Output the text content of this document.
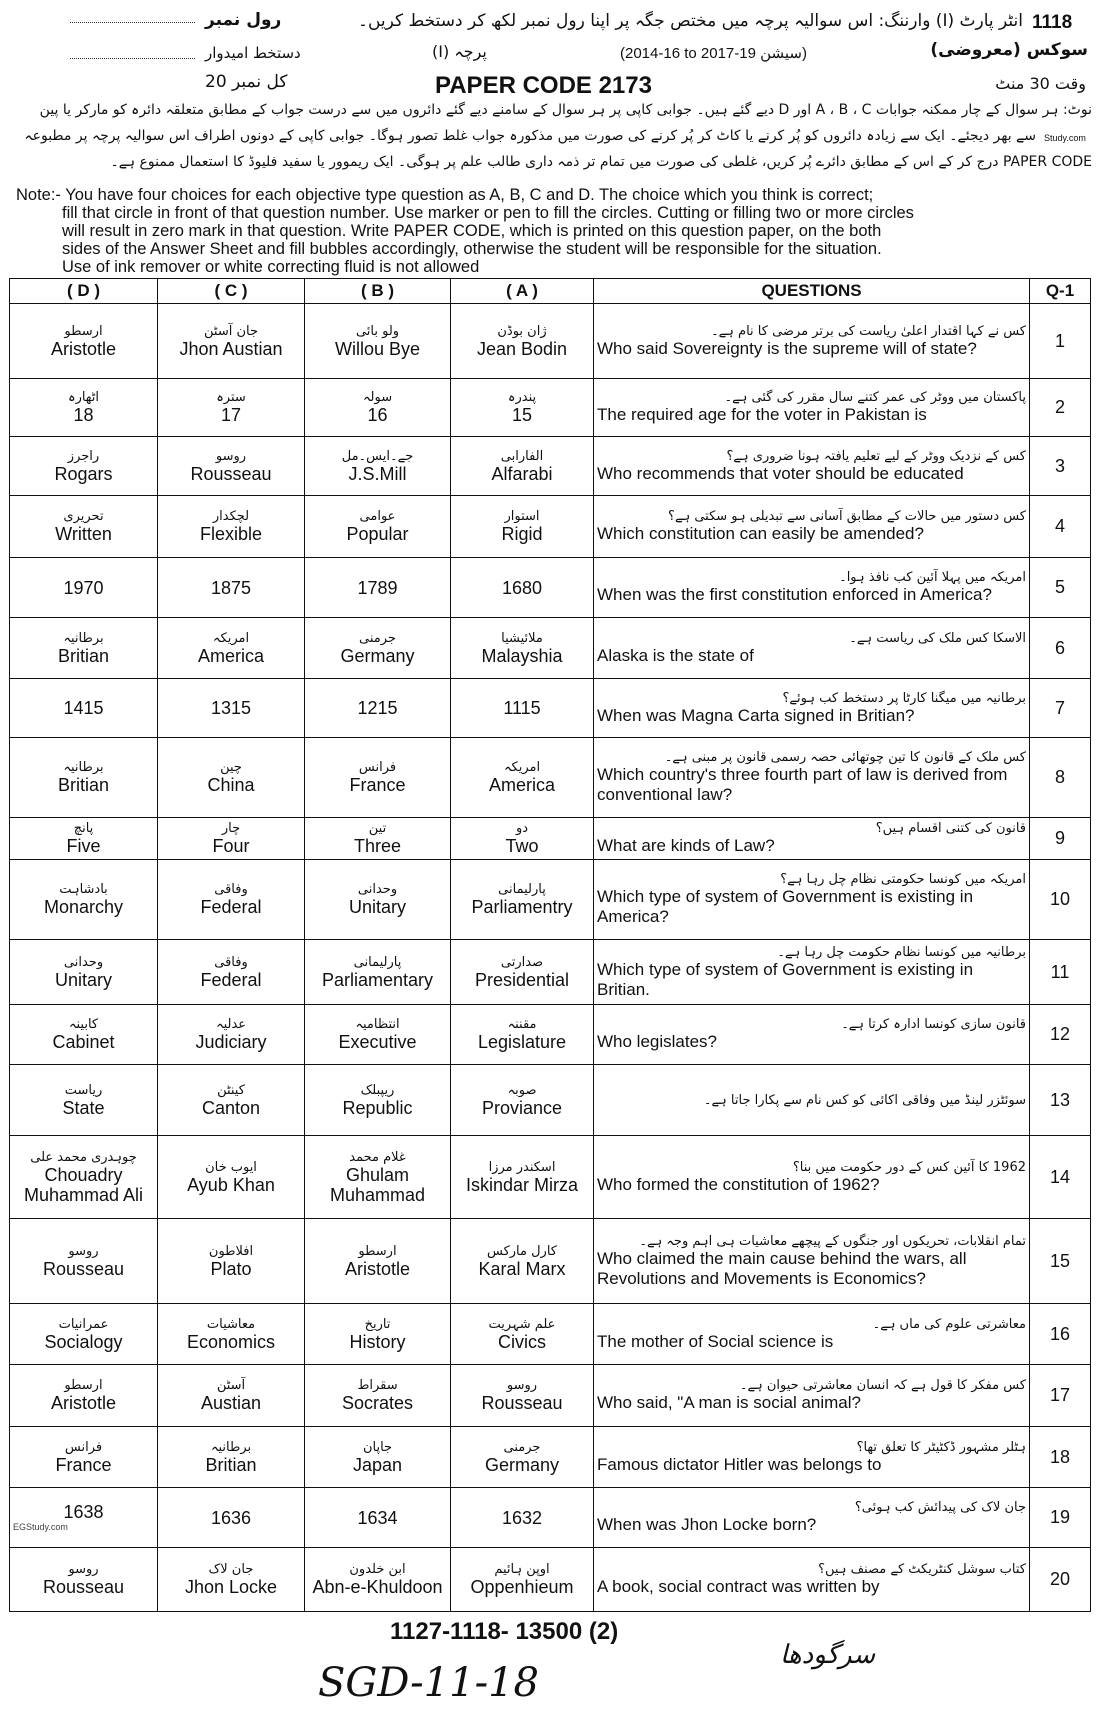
1118
انٹر پارٹ (I) وارننگ: اس سوالیہ پرچہ میں مختص جگہ پر اپنا رول نمبر لکھ کر دستخط کریں۔
رول نمبر
سوکس (معروضی)
(2014-16 to 2017-19 سیشن)
پرچہ (I)
دستخط امیدوار
کل نمبر 20	PAPER CODE 2173	وقت 30 منٹ
نوٹ: ہر سوال کے چار ممکنہ جوابات A ، B ، C اور D دیے گئے ہیں۔ جوابی کاپی پر ہر سوال کے سامنے دیے گئے دائروں میں سے درست جواب کے مطابق متعلقہ دائرہ کو مارکر یا پین
سے بھر دیجئے۔ ایک سے زیادہ دائروں کو پُر کرنے یا کاٹ کر پُر کرنے کی صورت میں مذکورہ جواب غلط تصور ہوگا۔ جوابی کاپی کے دونوں اطراف اس سوالیہ پرچہ پر مطبوعہ Study.com
PAPER CODE درج کر کے اس کے مطابق دائرے پُر کریں، غلطی کی صورت میں تمام تر ذمہ داری طالب علم پر ہوگی۔ ایک ریموور یا سفید فلیوڈ کا استعمال ممنوع ہے۔
Note:- You have four choices for each objective type question as A, B, C and D. The choice which you think is correct;
fill that circle in front of that question number. Use marker or pen to fill the circles. Cutting or filling two or more circles
will result in zero mark in that question. Write PAPER CODE, which is printed on this question paper, on the both
sides of the Answer Sheet and fill bubbles accordingly, otherwise the student will be responsible for the situation.
Use of ink remover or white correcting fluid is not allowed
( D )	( C )	( B )	( A )	QUESTIONS	Q-1

ارسطو
Aristotle	جان آسٹن
Jhon Austian	ولو بائی
Willou Bye	ژان بوڈن
Jean Bodin	کس نے کہا اقتدار اعلیٰ ریاست کی برتر مرضی کا نام ہے۔
Who said Sovereignty is the supreme will of state?	1

اٹھارہ
18	سترہ
17	سولہ
16	پندرہ
15	پاکستان میں ووٹر کی عمر کتنے سال مقرر کی گئی ہے۔
The required age for the voter in Pakistan is	2

راجرز
Rogars	روسو
Rousseau	جے۔ایس۔مل
J.S.Mill	الفارابی
Alfarabi	کس کے نزدیک ووٹر کے لیے تعلیم یافتہ ہونا ضروری ہے؟
Who recommends that voter should be educated	3

تحریری
Written	لچکدار
Flexible	عوامی
Popular	استوار
Rigid	کس دستور میں حالات کے مطابق آسانی سے تبدیلی ہو سکتی ہے؟
Which constitution can easily be amended?	4

1970	1875	1789	1680	امریکہ میں پہلا آئین کب نافذ ہوا۔
When was the first constitution enforced in America?	5

برطانیہ
Britian	امریکہ
America	جرمنی
Germany	ملائیشیا
Malayshia	الاسکا کس ملک کی ریاست ہے۔
Alaska is the state of	6

1415	1315	1215	1115	برطانیہ میں میگنا کارٹا پر دستخط کب ہوئے؟
When was Magna Carta signed in Britian?	7

برطانیہ
Britian	چین
China	فرانس
France	امریکہ
America	کس ملک کے قانون کا تین چوتھائی حصہ رسمی قانون پر مبنی ہے۔
Which country's three fourth part of law is derived from conventional law?	8

پانچ
Five	چار
Four	تین
Three	دو
Two	قانون کی کتنی اقسام ہیں؟
What are kinds of Law?	9

بادشاہت
Monarchy	وفاقی
Federal	وحدانی
Unitary	پارلیمانی
Parliamentry	امریکہ میں کونسا حکومتی نظام چل رہا ہے؟
Which type of system of Government is existing in America?	10

وحدانی
Unitary	وفاقی
Federal	پارلیمانی
Parliamentary	صدارتی
Presidential	برطانیہ میں کونسا نظام حکومت چل رہا ہے۔
Which type of system of Government is existing in Britian.	11

کابینہ
Cabinet	عدلیہ
Judiciary	انتظامیہ
Executive	مقننہ
Legislature	قانون سازی کونسا ادارہ کرتا ہے۔
Who legislates?	12

ریاست
State	کینٹن
Canton	ریپبلک
Republic	صوبہ
Proviance	سوئٹزر لینڈ میں وفاقی اکائی کو کس نام سے پکارا جاتا ہے۔	13

چوہدری محمد علی
Chouadry Muhammad Ali	ایوب خان
Ayub Khan	غلام محمد
Ghulam Muhammad	اسکندر مرزا
Iskindar Mirza	1962 کا آئین کس کے دور حکومت میں بنا؟
Who formed the constitution of 1962?	14

روسو
Rousseau	افلاطون
Plato	ارسطو
Aristotle	کارل مارکس
Karal Marx	تمام انقلابات، تحریکوں اور جنگوں کے پیچھے معاشیات ہی اہم وجہ ہے۔
Who claimed the main cause behind the wars, all Revolutions and Movements is Economics?	15

عمرانیات
Socialogy	معاشیات
Economics	تاریخ
History	علم شہریت
Civics	معاشرتی علوم کی ماں ہے۔
The mother of Social science is	16

ارسطو
Aristotle	آسٹن
Austian	سقراط
Socrates	روسو
Rousseau	کس مفکر کا قول ہے کہ انسان معاشرتی حیوان ہے۔
Who said, "A man is social animal?	17

فرانس
France	برطانیہ
Britian	جاپان
Japan	جرمنی
Germany	ہٹلر مشہور ڈکٹیٹر کا تعلق تھا؟
Famous dictator Hitler was belongs to	18

1638
EGStudy.com	1636	1634	1632	جان لاک کی پیدائش کب ہوئی؟
When was Jhon Locke born?	19

روسو
Rousseau	جان لاک
Jhon Locke	ابن خلدون
Abn-e-Khuldoon	اوپن ہائیم
Oppenhieum	کتاب سوشل کنٹریکٹ کے مصنف ہیں؟
A book, social contract was written by	20
1127-1118- 13500 (2)
SGD-11-18
سرگودھا
